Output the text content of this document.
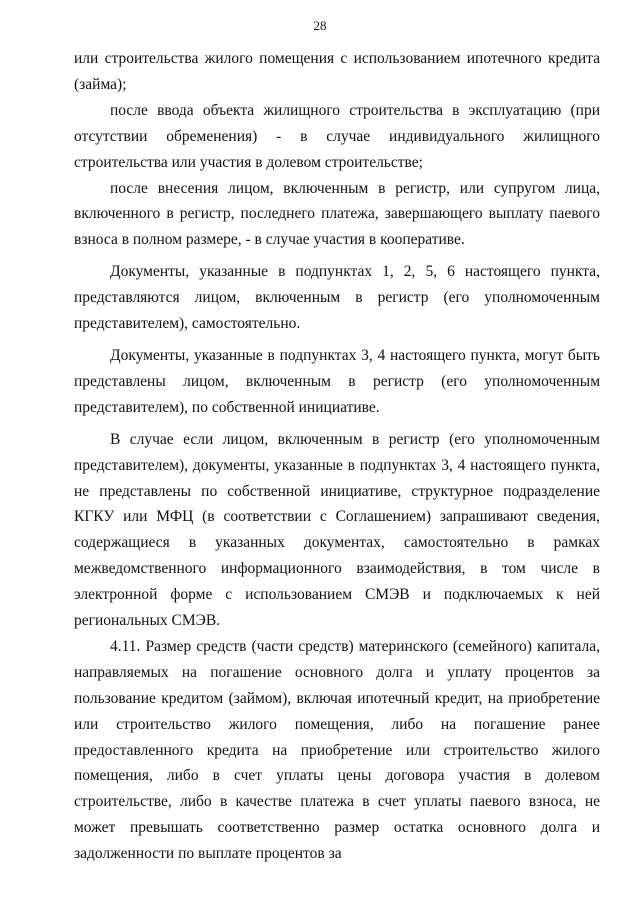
28

или строительства жилого помещения с использованием ипотечного кредита (займа);

после ввода объекта жилищного строительства в эксплуатацию (при отсутствии обременения) - в случае индивидуального жилищного строительства или участия в долевом строительстве;

после внесения лицом, включенным в регистр, или супругом лица, включенного в регистр, последнего платежа, завершающего выплату паевого взноса в полном размере, - в случае участия в кооперативе.

Документы, указанные в подпунктах 1, 2, 5, 6 настоящего пункта, представляются лицом, включенным в регистр (его уполномоченным представителем), самостоятельно.

Документы, указанные в подпунктах 3, 4 настоящего пункта, могут быть представлены лицом, включенным в регистр (его уполномоченным представителем), по собственной инициативе.

В случае если лицом, включенным в регистр (его уполномоченным представителем), документы, указанные в подпунктах 3, 4 настоящего пункта, не представлены по собственной инициативе, структурное подразделение КГКУ или МФЦ (в соответствии с Соглашением) запрашивают сведения, содержащиеся в указанных документах, самостоятельно в рамках межведомственного информационного взаимодействия, в том числе в электронной форме с использованием СМЭВ и подключаемых к ней региональных СМЭВ.

4.11. Размер средств (части средств) материнского (семейного) капитала, направляемых на погашение основного долга и уплату процентов за пользование кредитом (займом), включая ипотечный кредит, на приобретение или строительство жилого помещения, либо на погашение ранее предоставленного кредита на приобретение или строительство жилого помещения, либо в счет уплаты цены договора участия в долевом строительстве, либо в качестве платежа в счет уплаты паевого взноса, не может превышать соответственно размер остатка основного долга и задолженности по выплате процентов за
